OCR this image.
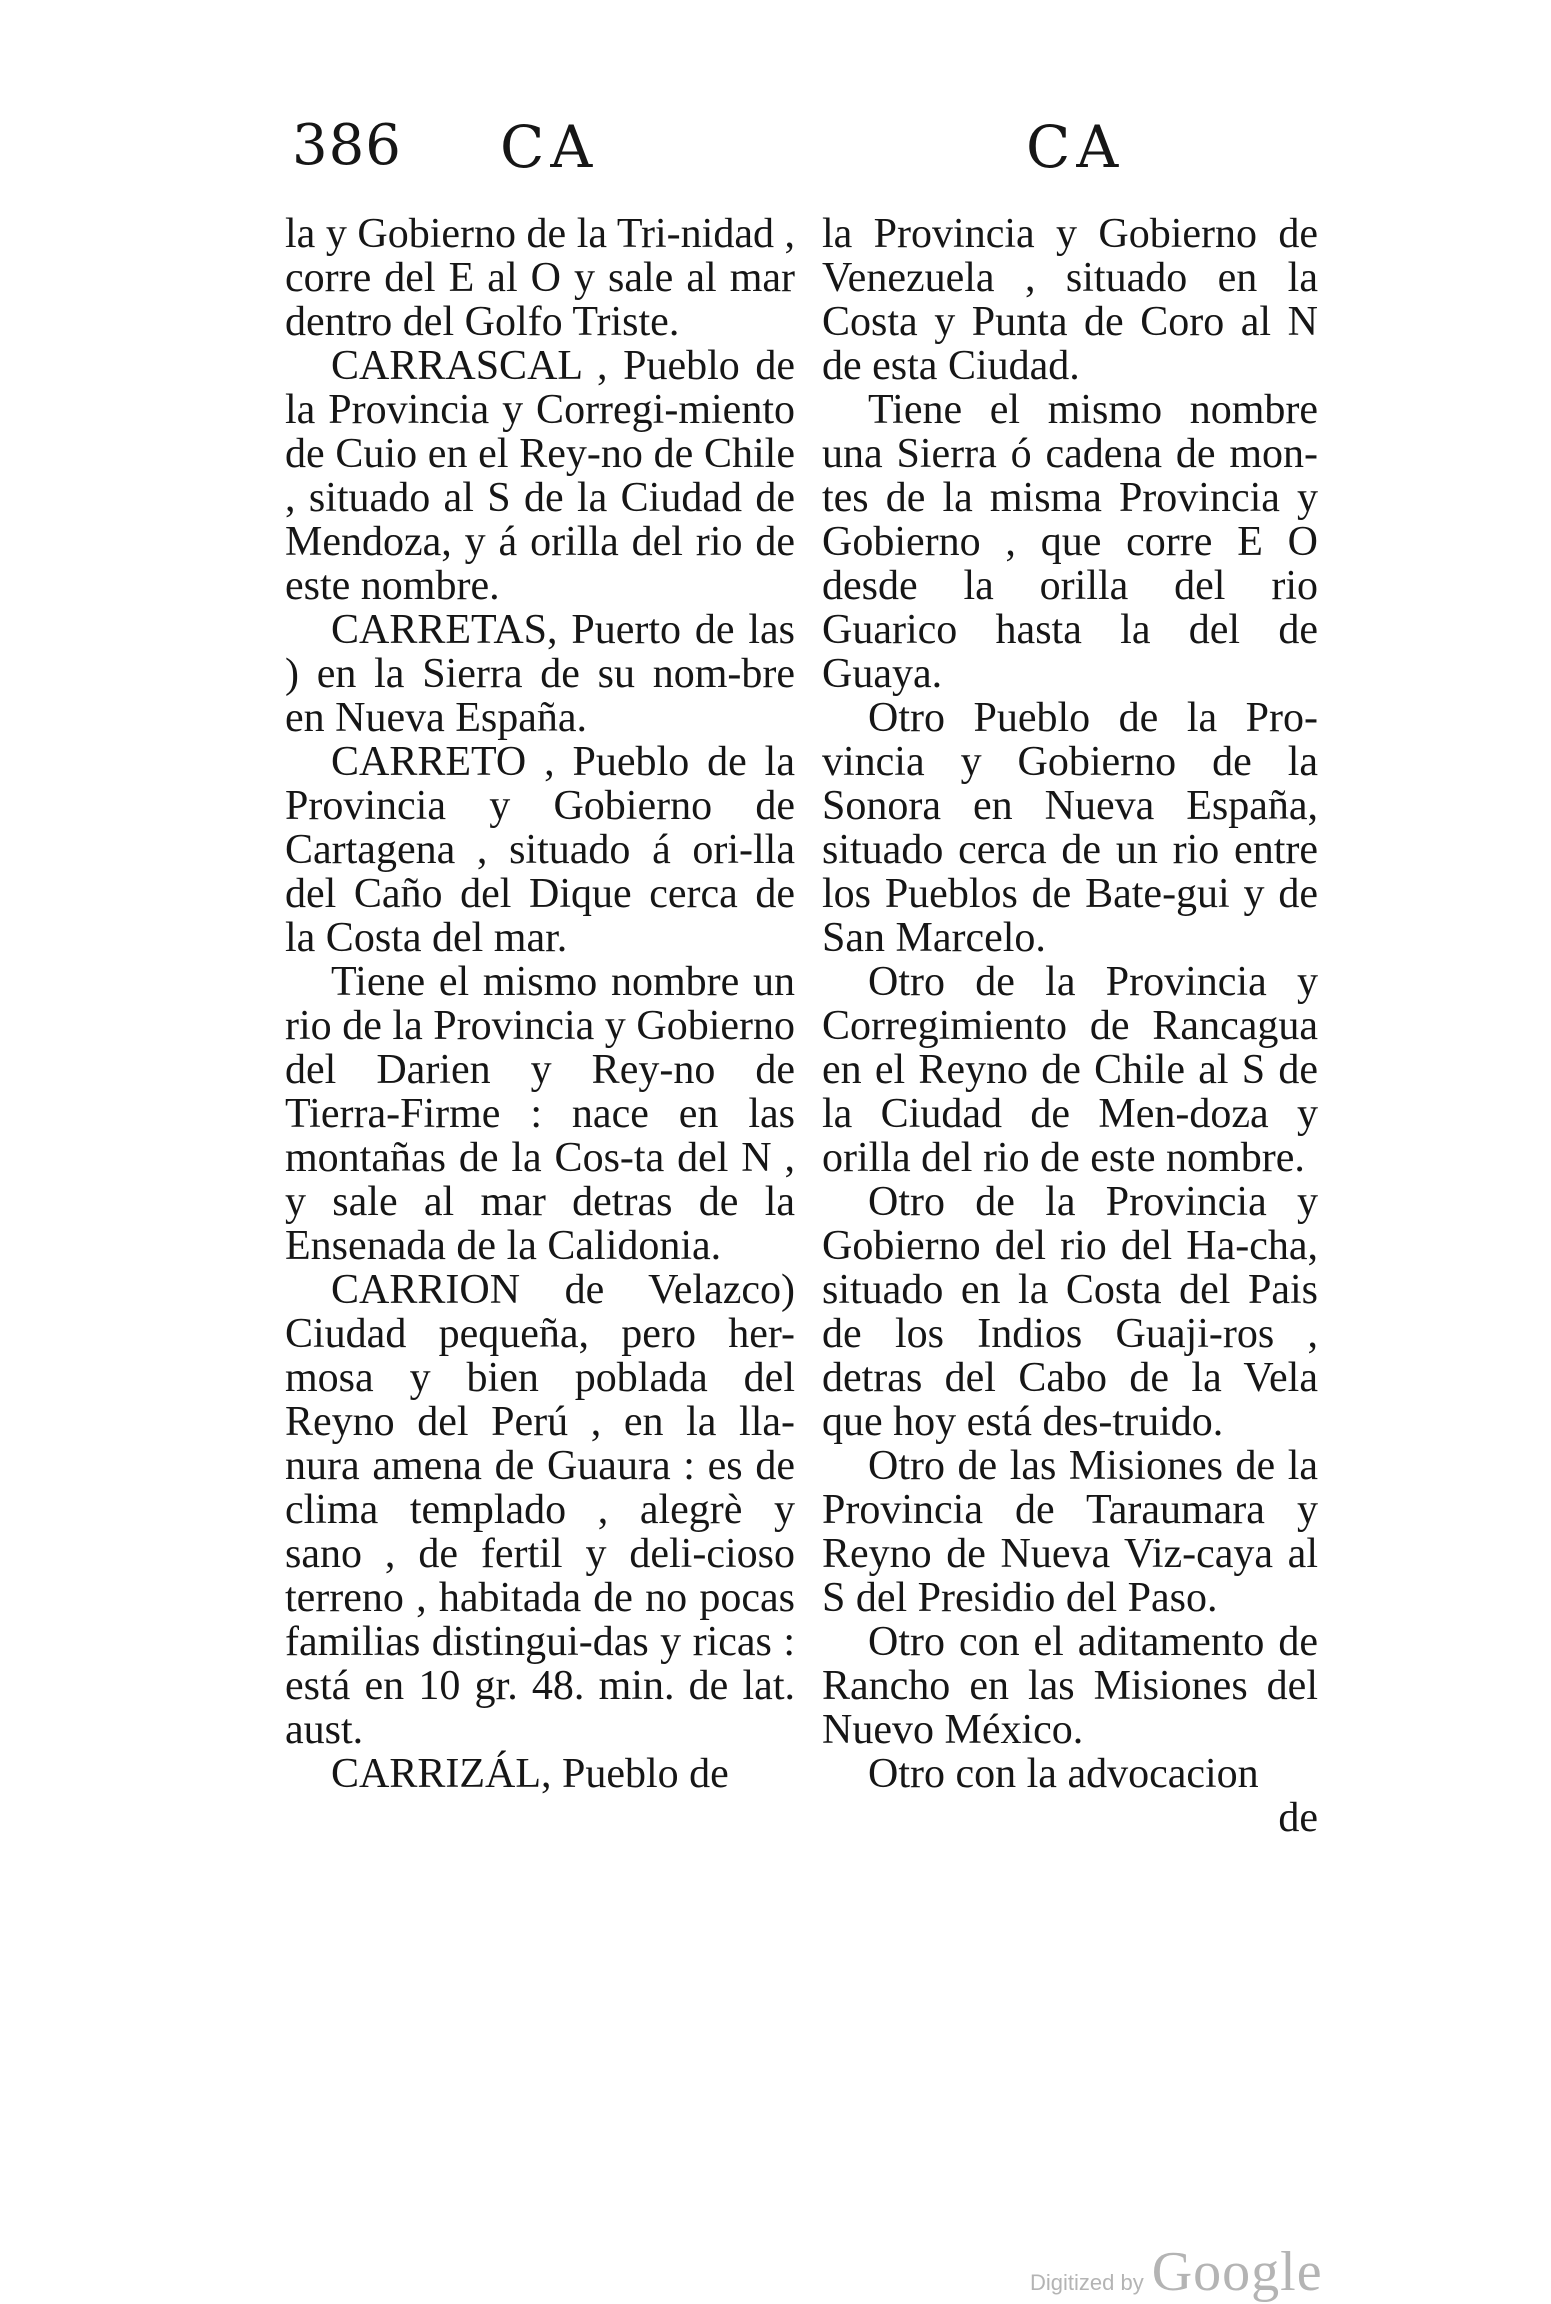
386 CA	CA

la y Gobierno de la Tri-nidad , corre del E al O y sale al mar dentro del Golfo Triste.

CARRASCAL , Pueblo de la Provincia y Corregi-miento de Cuio en el Rey-no de Chile , situado al S de la Ciudad de Mendoza, y á orilla del rio de este nombre.

CARRETAS, Puerto de las ) en la Sierra de su nom-bre en Nueva España.

CARRETO , Pueblo de la Provincia y Gobierno de Cartagena , situado á ori-lla del Caño del Dique cerca de la Costa del mar.

Tiene el mismo nombre un rio de la Provincia y Gobierno del Darien y Rey-no de Tierra-Firme : nace en las montañas de la Cos-ta del N , y sale al mar detras de la Ensenada de la Calidonia.

CARRION de Velazco) Ciudad pequeña, pero her-mosa y bien poblada del Reyno del Perú , en la lla-nura amena de Guaura : es de clima templado , alegrè y sano , de fertil y deli-cioso terreno , habitada de no pocas familias distingui-das y ricas : está en 10 gr. 48. min. de lat. aust.

CARRIZÁL, Pueblo de

la Provincia y Gobierno de Venezuela , situado en la Costa y Punta de Coro al N de esta Ciudad.

Tiene el mismo nombre una Sierra ó cadena de mon-tes de la misma Provincia y Gobierno , que corre E O desde la orilla del rio Guarico hasta la del de Guaya.

Otro Pueblo de la Pro-vincia y Gobierno de la Sonora en Nueva España, situado cerca de un rio entre los Pueblos de Bate-gui y de San Marcelo.

Otro de la Provincia y Corregimiento de Rancagua en el Reyno de Chile al S de la Ciudad de Men-doza y orilla del rio de este nombre.

Otro de la Provincia y Gobierno del rio del Ha-cha, situado en la Costa del Pais de los Indios Guaji-ros , detras del Cabo de la Vela que hoy está des-truido.

Otro de las Misiones de la Provincia de Taraumara y Reyno de Nueva Viz-caya al S del Presidio del Paso.

Otro con el aditamento de Rancho en las Misiones del Nuevo México.

Otro con la advocacion

de

Digitized by Google
